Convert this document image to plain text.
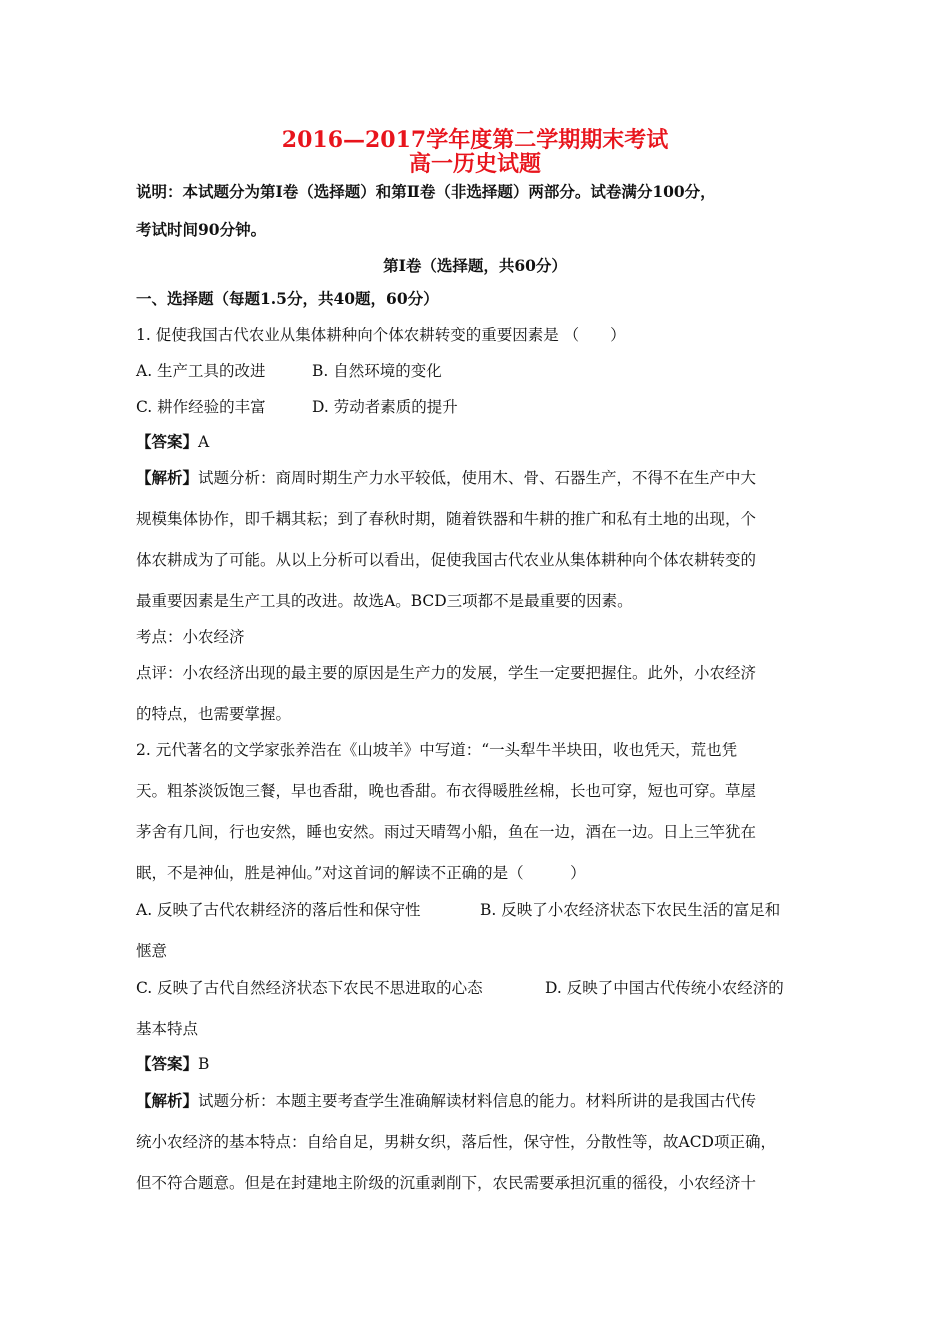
2016—2017学年度第二学期期末考试
高一历史试题
说明：本试题分为第Ⅰ卷（选择题）和第Ⅱ卷（非选择题）两部分。试卷满分100分，
考试时间90分钟。
第Ⅰ卷（选择题，共60分）
一、选择题（每题1.5分，共40题，60分）
1. 促使我国古代农业从集体耕种向个体农耕转变的重要因素是 （　　）
A. 生产工具的改进	B. 自然环境的变化
C. 耕作经验的丰富	D. 劳动者素质的提升
【答案】A
【解析】试题分析：商周时期生产力水平较低，使用木、骨、石器生产，不得不在生产中大
规模集体协作，即千耦其耘；到了春秋时期，随着铁器和牛耕的推广和私有土地的出现，个
体农耕成为了可能。从以上分析可以看出，促使我国古代农业从集体耕种向个体农耕转变的
最重要因素是生产工具的改进。故选A。BCD三项都不是最重要的因素。
考点：小农经济
点评：小农经济出现的最主要的原因是生产力的发展，学生一定要把握住。此外，小农经济
的特点，也需要掌握。
2. 元代著名的文学家张养浩在《山坡羊》中写道：“一头犁牛半块田，收也凭天，荒也凭
天。粗茶淡饭饱三餐，早也香甜，晚也香甜。布衣得暖胜丝棉，长也可穿，短也可穿。草屋
茅舍有几间，行也安然，睡也安然。雨过天晴驾小船，鱼在一边，酒在一边。日上三竿犹在
眠，不是神仙，胜是神仙。”对这首词的解读不正确的是（　　　）
A. 反映了古代农耕经济的落后性和保守性	B. 反映了小农经济状态下农民生活的富足和
惬意
C. 反映了古代自然经济状态下农民不思进取的心态	D. 反映了中国古代传统小农经济的
基本特点
【答案】B
【解析】试题分析：本题主要考查学生准确解读材料信息的能力。材料所讲的是我国古代传
统小农经济的基本特点：自给自足，男耕女织，落后性，保守性，分散性等，故ACD项正确，
但不符合题意。但是在封建地主阶级的沉重剥削下，农民需要承担沉重的徭役，小农经济十
